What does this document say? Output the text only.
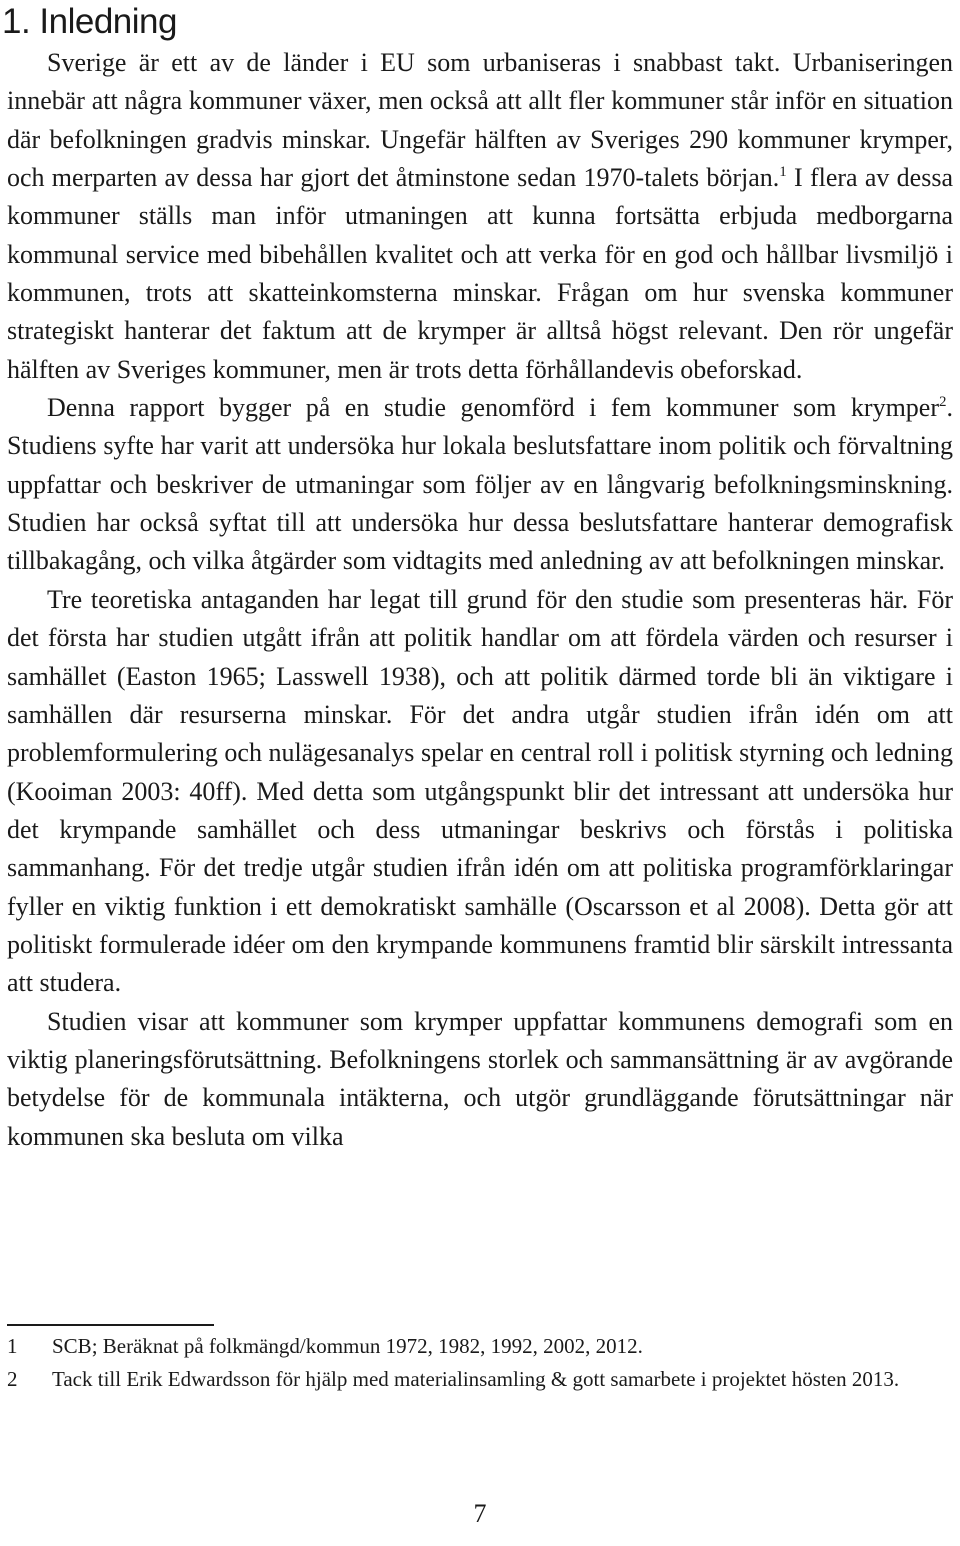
1. Inledning

Sverige är ett av de länder i EU som urbaniseras i snabbast takt. Urbaniseringen innebär att några kommuner växer, men också att allt fler kommuner står inför en situation där befolkningen gradvis minskar. Ungefär hälften av Sveriges 290 kommuner krymper, och merparten av dessa har gjort det åtminstone sedan 1970-talets början.$^1$ I flera av dessa kommuner ställs man inför utmaningen att kunna fortsätta erbjuda medborgarna kommunal service med bibehållen kvalitet och att verka för en god och hållbar livsmiljö i kommunen, trots att skatteinkomsterna minskar. Frågan om hur svenska kommuner strategiskt hanterar det faktum att de krymper är alltså högst relevant. Den rör ungefär hälften av Sveriges kommuner, men är trots detta förhållandevis obeforskad.

Denna rapport bygger på en studie genomförd i fem kommuner som krymper$^2$. Studiens syfte har varit att undersöka hur lokala beslutsfattare inom politik och förvaltning uppfattar och beskriver de utmaningar som följer av en långvarig befolkningsminskning. Studien har också syftat till att undersöka hur dessa beslutsfattare hanterar demografisk tillbakagång, och vilka åtgärder som vidtagits med anledning av att befolkningen minskar.

Tre teoretiska antaganden har legat till grund för den studie som presenteras här. För det första har studien utgått ifrån att politik handlar om att fördela värden och resurser i samhället (Easton 1965; Lasswell 1938), och att politik därmed torde bli än viktigare i samhällen där resurserna minskar. För det andra utgår studien ifrån idén om att problemformulering och nulägesanalys spelar en central roll i politisk styrning och ledning (Kooiman 2003: 40ff). Med detta som utgångspunkt blir det intressant att undersöka hur det krympande samhället och dess utmaningar beskrivs och förstås i politiska sammanhang. För det tredje utgår studien ifrån idén om att politiska programförklaringar fyller en viktig funktion i ett demokratiskt samhälle (Oscarsson et al 2008). Detta gör att politiskt formulerade idéer om den krympande kommunens framtid blir särskilt intressanta att studera.

Studien visar att kommuner som krymper uppfattar kommunens demografi som en viktig planeringsförutsättning. Befolkningens storlek och sammansättning är av avgörande betydelse för de kommunala intäkterna, och utgör grundläggande förutsättningar när kommunen ska besluta om vilka

1	SCB; Beräknat på folkmängd/kommun 1972, 1982, 1992, 2002, 2012.
2	Tack till Erik Edwardsson för hjälp med materialinsamling & gott samarbete i projektet hösten 2013.
7
